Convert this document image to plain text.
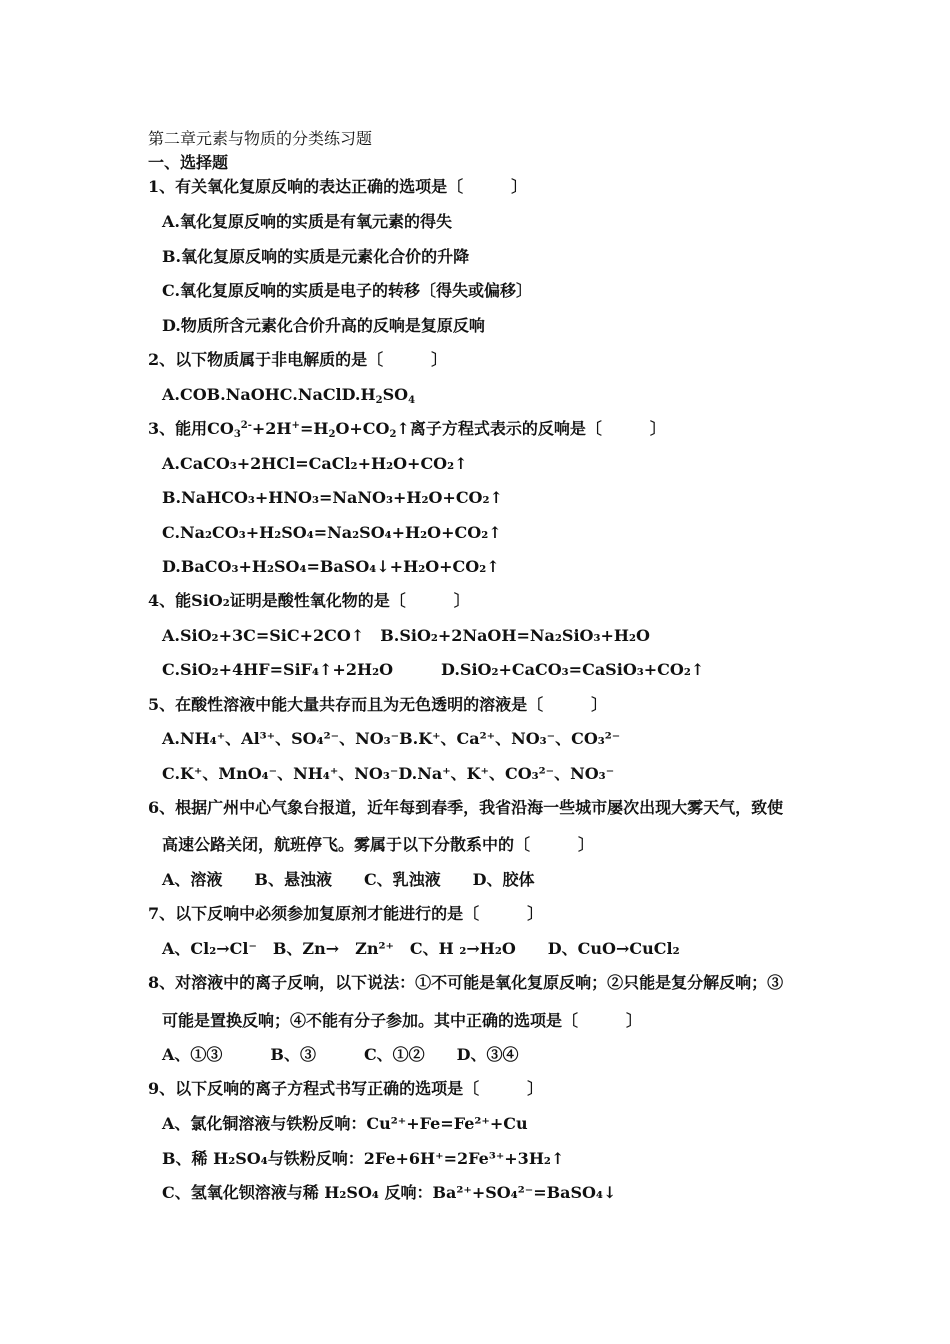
第二章元素与物质的分类练习题
一、选择题
1、有关氧化复原反响的表达正确的选项是〔　　　〕
A.氧化复原反响的实质是有氧元素的得失
B.氧化复原反响的实质是元素化合价的升降
C.氧化复原反响的实质是电子的转移〔得失或偏移〕
D.物质所含元素化合价升高的反响是复原反响
2、以下物质属于非电解质的是〔　　　〕
$A.COB.NaOHC.NaClD.H_2SO_4$
3、能用$CO_3^{2-}+2H^+=H_2O+CO_2↑$离子方程式表示的反响是〔　　　〕
A.CaCO₃+2HCl=CaCl₂+H₂O+CO₂↑
B.NaHCO₃+HNO₃=NaNO₃+H₂O+CO₂↑
C.Na₂CO₃+H₂SO₄=Na₂SO₄+H₂O+CO₂↑
D.BaCO₃+H₂SO₄=BaSO₄↓+H₂O+CO₂↑
4、能SiO₂证明是酸性氧化物的是〔　　　〕
A.SiO₂+3C=SiC+2CO↑　B.SiO₂+2NaOH=Na₂SiO₃+H₂O
C.SiO₂+4HF=SiF₄↑+2H₂O　　　D.SiO₂+CaCO₃=CaSiO₃+CO₂↑
5、在酸性溶液中能大量共存而且为无色透明的溶液是〔　　　〕
A.NH₄⁺、Al³⁺、SO₄²⁻、NO₃⁻B.K⁺、Ca²⁺、NO₃⁻、CO₃²⁻
C.K⁺、MnO₄⁻、NH₄⁺、NO₃⁻D.Na⁺、K⁺、CO₃²⁻、NO₃⁻
6、根据广州中心气象台报道，近年每到春季，我省沿海一些城市屡次出现大雾天气，致使
高速公路关闭，航班停飞。雾属于以下分散系中的〔　　　〕
A、溶液　　B、悬浊液　　C、乳浊液　　D、胶体
7、以下反响中必须参加复原剂才能进行的是〔　　　〕
A、Cl₂→Cl⁻　B、Zn→　Zn²⁺　C、H ₂→H₂O　　D、CuO→CuCl₂
8、对溶液中的离子反响，以下说法：①不可能是氧化复原反响；②只能是复分解反响；③
可能是置换反响；④不能有分子参加。其中正确的选项是〔　　　〕
A、①③　　　B、③　　　C、①②　　D、③④
9、以下反响的离子方程式书写正确的选项是〔　　　〕
A、氯化铜溶液与铁粉反响：Cu²⁺+Fe=Fe²⁺+Cu
B、稀 H₂SO₄与铁粉反响：2Fe+6H⁺=2Fe³⁺+3H₂↑
C、氢氧化钡溶液与稀 H₂SO₄ 反响：Ba²⁺+SO₄²⁻=BaSO₄↓
